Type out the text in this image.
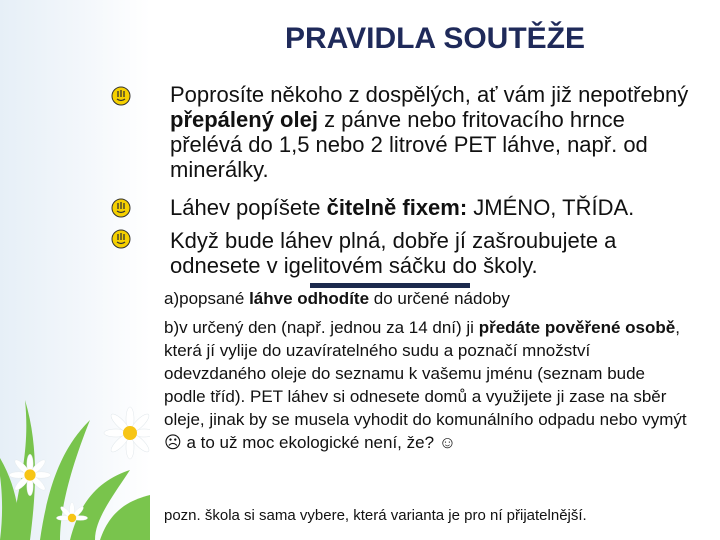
PRAVIDLA SOUTĚŽE
Poprosíte někoho z dospělých, ať vám již nepotřebný přepálený olej z pánve nebo fritovacího hrnce přelévá do 1,5 nebo 2 litrové PET láhve, např. od minerálky.
Láhev popíšete čitelně fixem: JMÉNO, TŘÍDA.
Když bude láhev plná, dobře jí zašroubujete a odnesete v igelitovém sáčku do školy.
a)popsané láhve odhodíte do určené nádoby
b)v určený den (např. jednou za 14 dní) ji předáte pověřené osobě, která jí vylije do uzavíratelného sudu a poznačí množství odevzdaného oleje do seznamu k vašemu jménu (seznam bude podle tříd). PET láhev si odnesete domů a využijete ji zase na sběr oleje, jinak by se musela vyhodit do komunálního odpadu nebo vymýt ☹ a to už moc ekologické není, že? ☺
pozn. škola si sama vybere, která varianta je pro ní přijatelnější.
